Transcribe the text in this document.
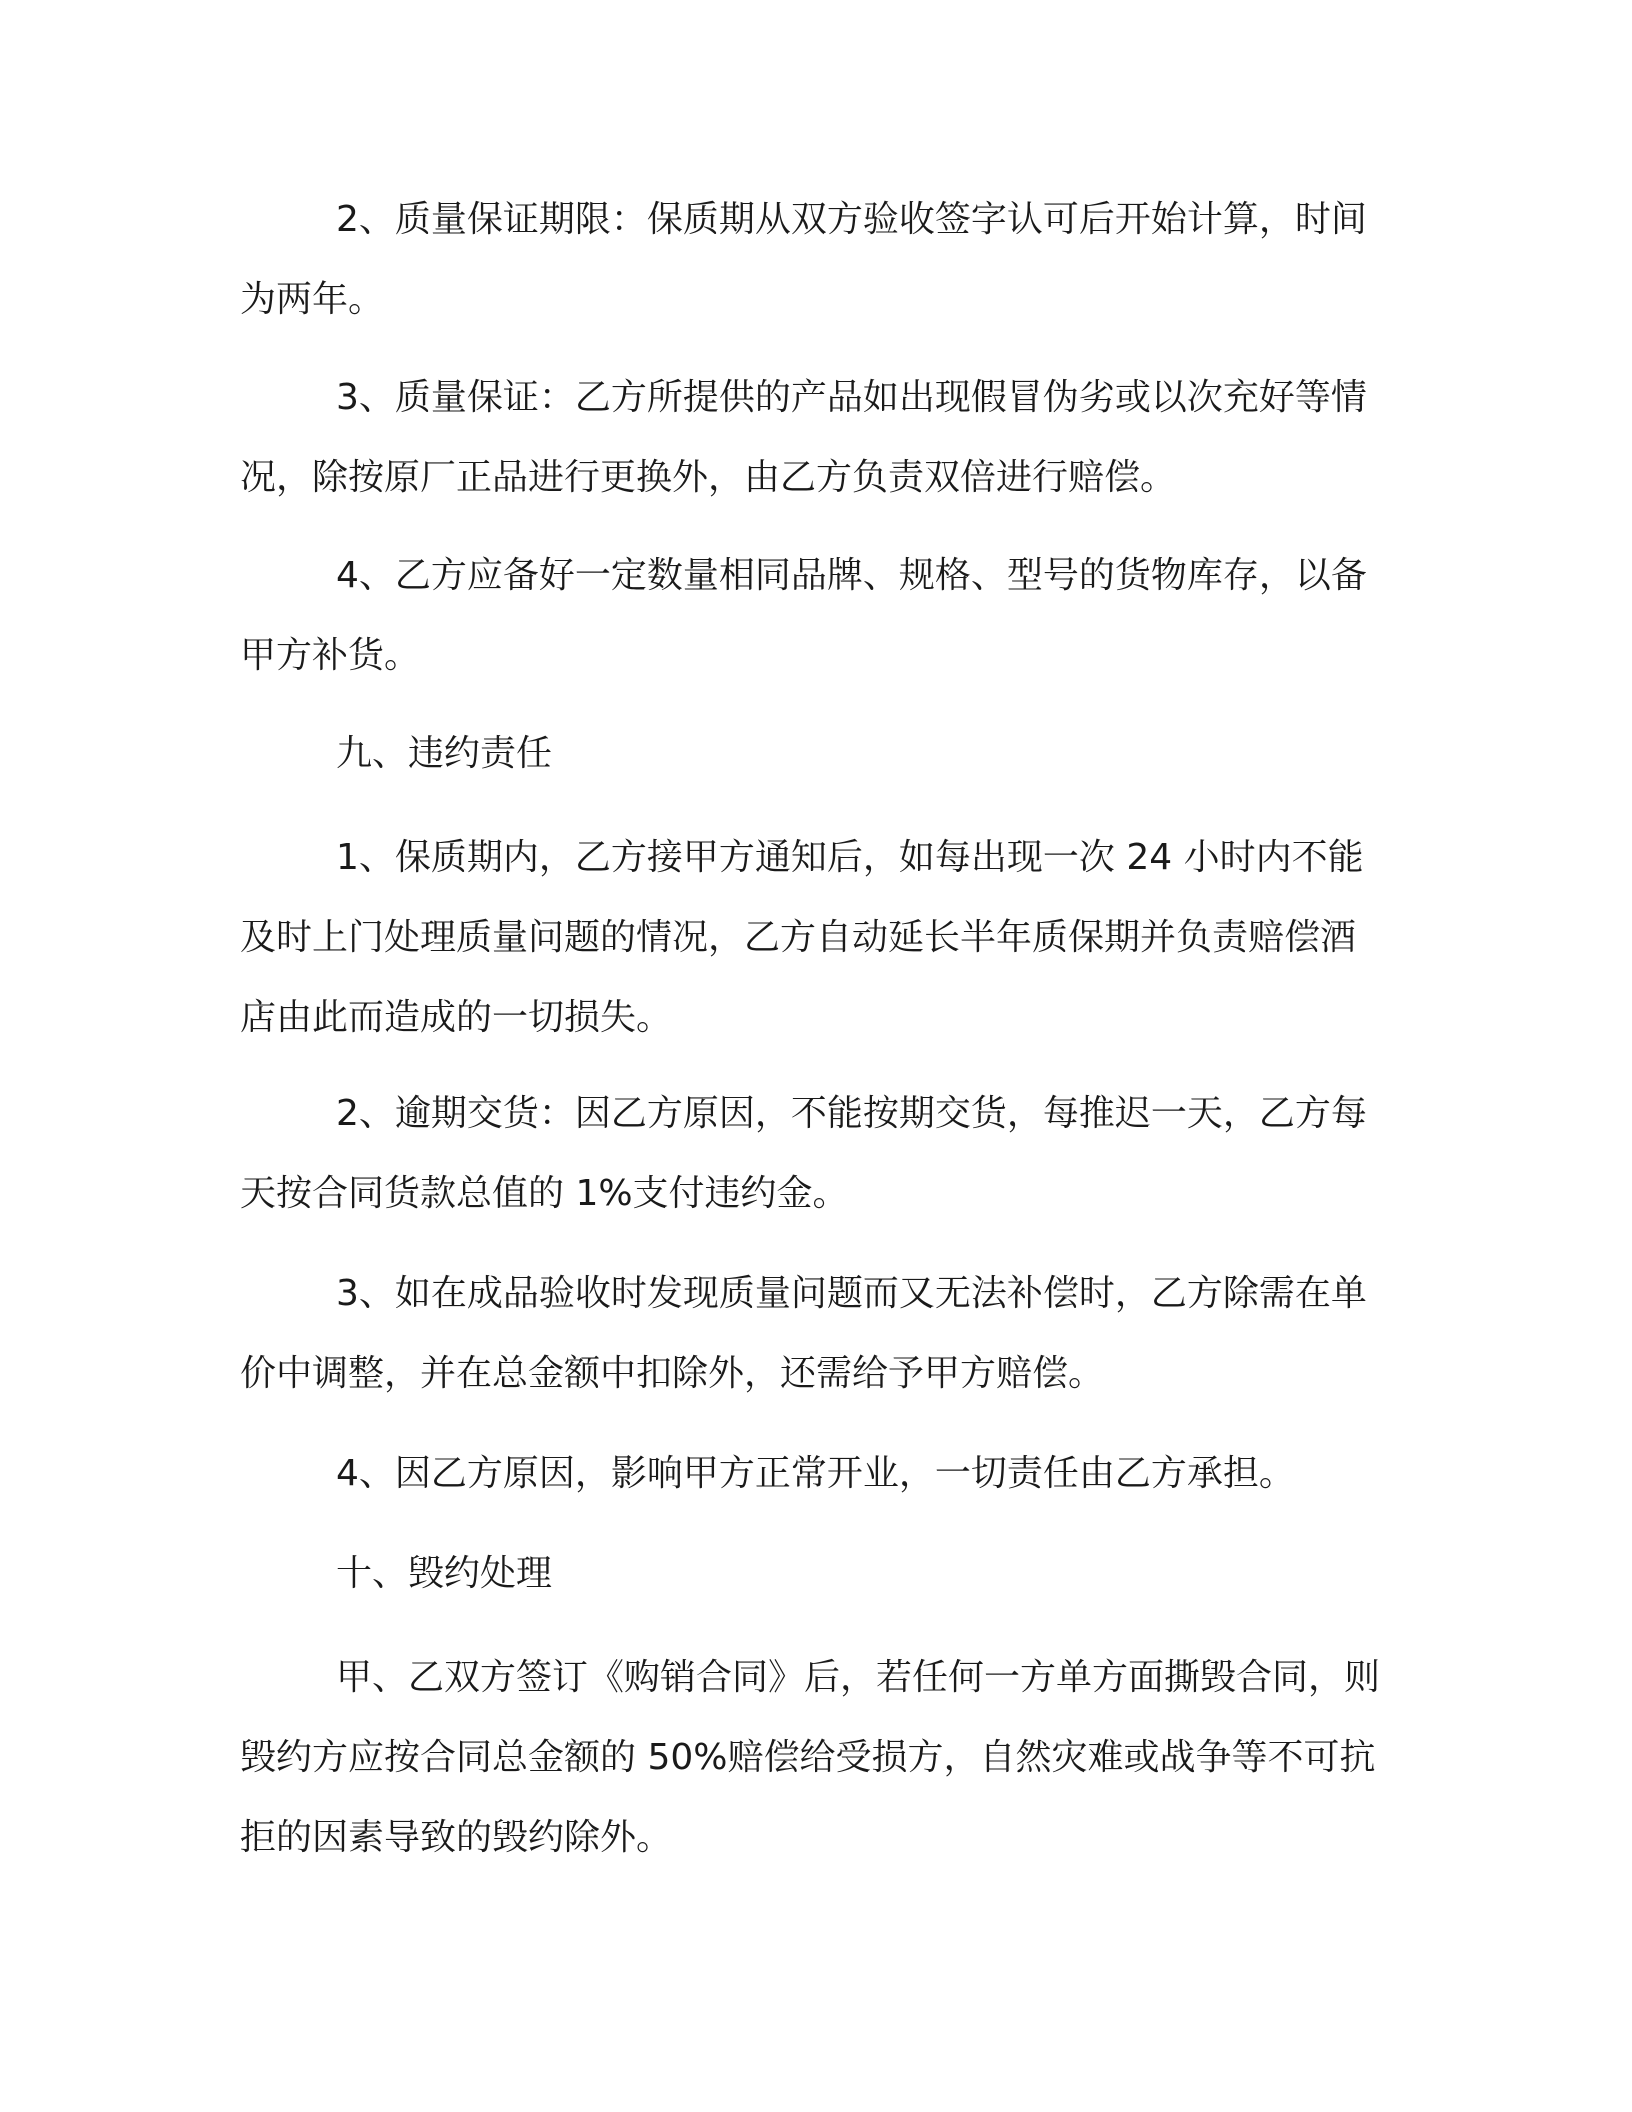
2、质量保证期限：保质期从双方验收签字认可后开始计算，时间为两年。

3、质量保证：乙方所提供的产品如出现假冒伪劣或以次充好等情况，除按原厂正品进行更换外，由乙方负责双倍进行赔偿。

4、乙方应备好一定数量相同品牌、规格、型号的货物库存，以备甲方补货。

九、违约责任

1、保质期内，乙方接甲方通知后，如每出现一次 24 小时内不能及时上门处理质量问题的情况，乙方自动延长半年质保期并负责赔偿酒店由此而造成的一切损失。

2、逾期交货：因乙方原因，不能按期交货，每推迟一天，乙方每天按合同货款总值的 1%支付违约金。

3、如在成品验收时发现质量问题而又无法补偿时，乙方除需在单价中调整，并在总金额中扣除外，还需给予甲方赔偿。

4、因乙方原因，影响甲方正常开业，一切责任由乙方承担。

十、毁约处理

甲、乙双方签订《购销合同》后，若任何一方单方面撕毁合同，则毁约方应按合同总金额的 50%赔偿给受损方，自然灾难或战争等不可抗拒的因素导致的毁约除外。
